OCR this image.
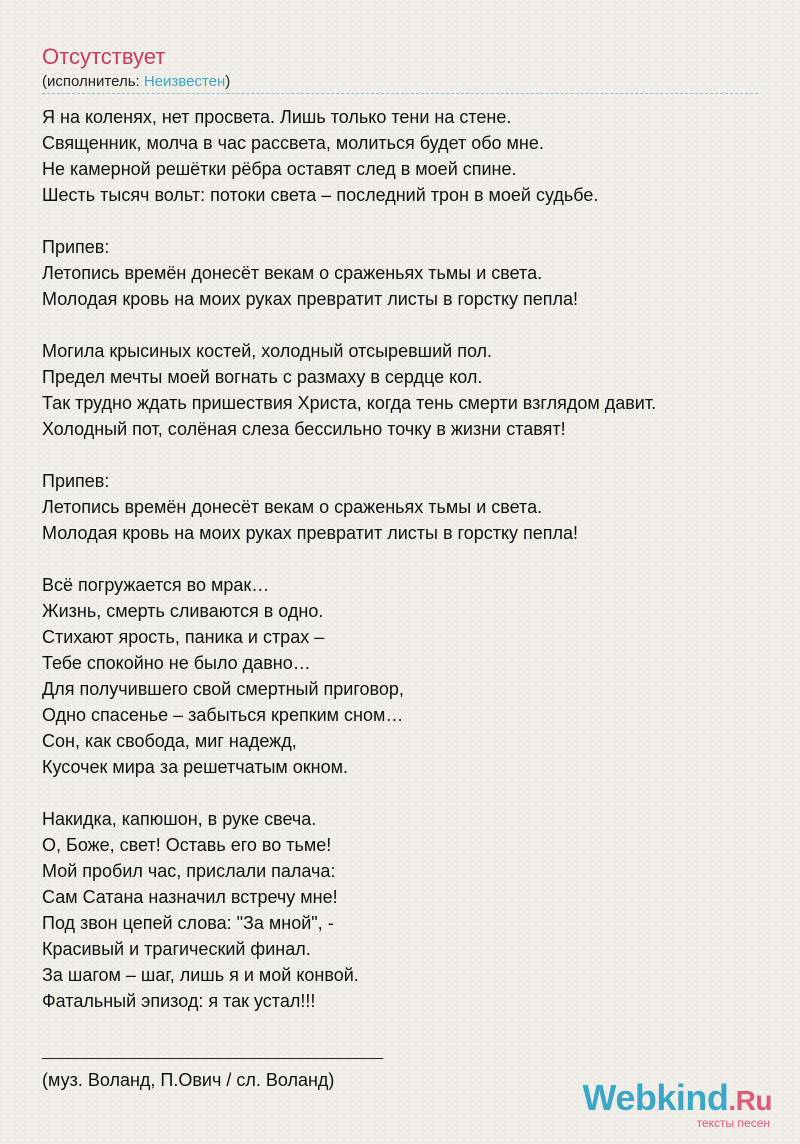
Отсутствует
(исполнитель: Неизвестен)
Я на коленях, нет просвета. Лишь только тени на стене.
Священник, молча в час рассвета, молиться будет обо мне.
Не камерной решётки рёбра оставят след в моей спине.
Шесть тысяч вольт: потоки света – последний трон в моей судьбе.
Припев:
Летопись времён донесёт векам о сраженьях тьмы и света.
Молодая кровь на моих руках превратит листы в горстку пепла!
Могила крысиных костей, холодный отсыревший пол.
Предел мечты моей вогнать с размаху в сердце кол.
Так трудно ждать пришествия Христа, когда тень смерти взглядом давит.
Холодный пот, солёная слеза бессильно точку в жизни ставят!
Припев:
Летопись времён донесёт векам о сраженьях тьмы и света.
Молодая кровь на моих руках превратит листы в горстку пепла!
Всё погружается во мрак…
Жизнь, смерть сливаются в одно.
Стихают ярость, паника и страх –
Тебе спокойно не было давно…
Для получившего свой смертный приговор,
Одно спасенье – забыться крепким сном…
Сон, как свобода, миг надежд,
Кусочек мира за решетчатым окном.
Накидка, капюшон, в руке свеча.
О, Боже, свет! Оставь его во тьме!
Мой пробил час, прислали палача:
Сам Сатана назначил встречу мне!
Под звон цепей слова: "За мной", -
Красивый и трагический финал.
За шагом – шаг, лишь я и мой конвой.
Фатальный эпизод: я так устал!!!
(муз. Воланд, П.Ович / сл. Воланд)	Webkind.Ru
тексты песен
